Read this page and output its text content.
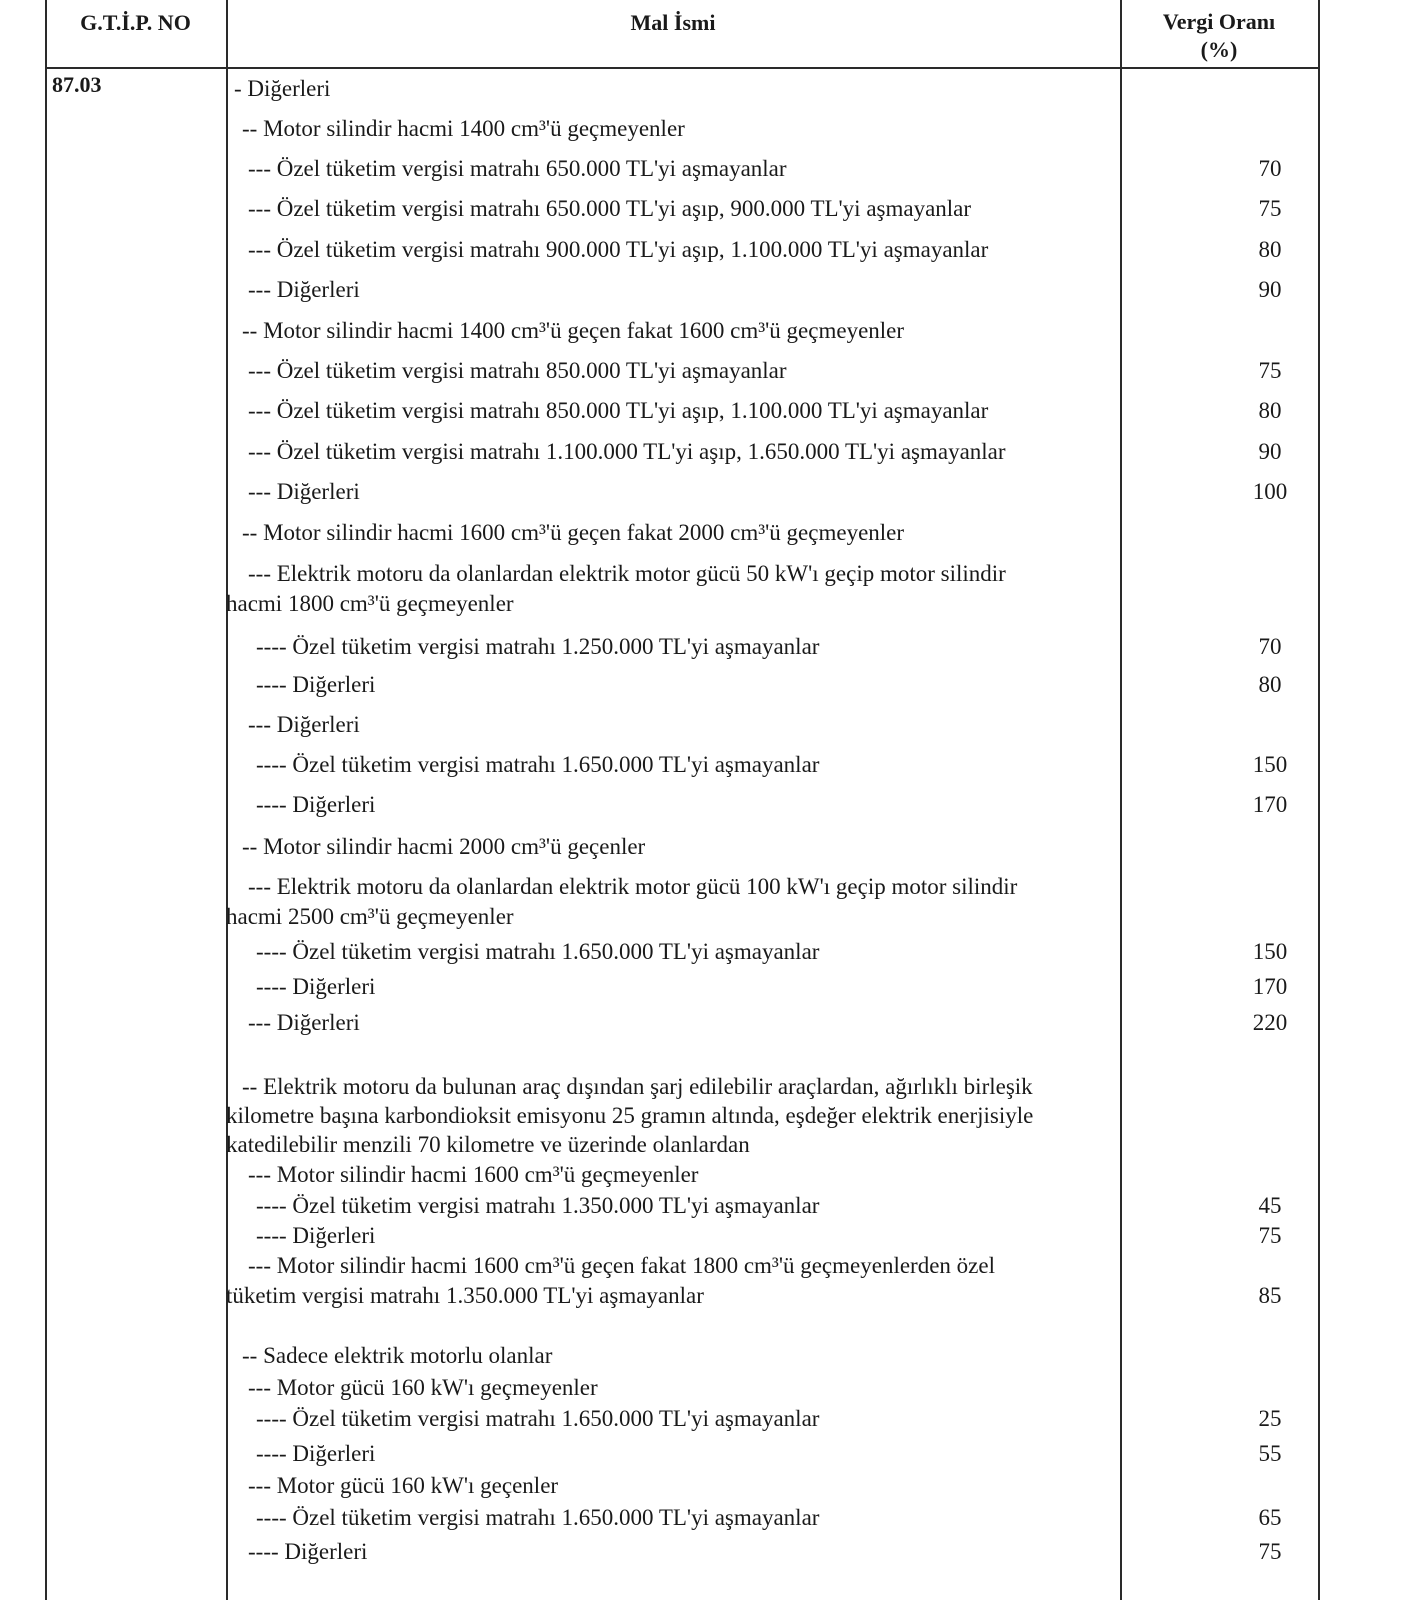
G.T.İ.P. NO	Mal İsmi	Vergi Oranı
(%)
87.03	- Diğerleri
-- Motor silindir hacmi 1400 cm³'ü geçmeyenler
--- Özel tüketim vergisi matrahı 650.000 TL'yi aşmayanlar	70
--- Özel tüketim vergisi matrahı 650.000 TL'yi aşıp, 900.000 TL'yi aşmayanlar	75
--- Özel tüketim vergisi matrahı 900.000 TL'yi aşıp, 1.100.000 TL'yi aşmayanlar	80
--- Diğerleri	90
-- Motor silindir hacmi 1400 cm³'ü geçen fakat 1600 cm³'ü geçmeyenler
--- Özel tüketim vergisi matrahı 850.000 TL'yi aşmayanlar	75
--- Özel tüketim vergisi matrahı 850.000 TL'yi aşıp, 1.100.000 TL'yi aşmayanlar	80
--- Özel tüketim vergisi matrahı 1.100.000 TL'yi aşıp, 1.650.000 TL'yi aşmayanlar	90
--- Diğerleri	100
-- Motor silindir hacmi 1600 cm³'ü geçen fakat 2000 cm³'ü geçmeyenler
--- Elektrik motoru da olanlardan elektrik motor gücü 50 kW'ı geçip motor silindir
hacmi 1800 cm³'ü geçmeyenler
---- Özel tüketim vergisi matrahı 1.250.000 TL'yi aşmayanlar	70
---- Diğerleri	80
--- Diğerleri
---- Özel tüketim vergisi matrahı 1.650.000 TL'yi aşmayanlar	150
---- Diğerleri	170
-- Motor silindir hacmi 2000 cm³'ü geçenler
--- Elektrik motoru da olanlardan elektrik motor gücü 100 kW'ı geçip motor silindir
hacmi 2500 cm³'ü geçmeyenler
---- Özel tüketim vergisi matrahı 1.650.000 TL'yi aşmayanlar	150
---- Diğerleri	170
--- Diğerleri	220
-- Elektrik motoru da bulunan araç dışından şarj edilebilir araçlardan, ağırlıklı birleşik
kilometre başına karbondioksit emisyonu 25 gramın altında, eşdeğer elektrik enerjisiyle
katedilebilir menzili 70 kilometre ve üzerinde olanlardan
--- Motor silindir hacmi 1600 cm³'ü geçmeyenler
---- Özel tüketim vergisi matrahı 1.350.000 TL'yi aşmayanlar	45
---- Diğerleri	75
--- Motor silindir hacmi 1600 cm³'ü geçen fakat 1800 cm³'ü geçmeyenlerden özel
tüketim vergisi matrahı 1.350.000 TL'yi aşmayanlar	85
-- Sadece elektrik motorlu olanlar
--- Motor gücü 160 kW'ı geçmeyenler
---- Özel tüketim vergisi matrahı 1.650.000 TL'yi aşmayanlar	25
---- Diğerleri	55
--- Motor gücü 160 kW'ı geçenler
---- Özel tüketim vergisi matrahı 1.650.000 TL'yi aşmayanlar	65
---- Diğerleri	75
